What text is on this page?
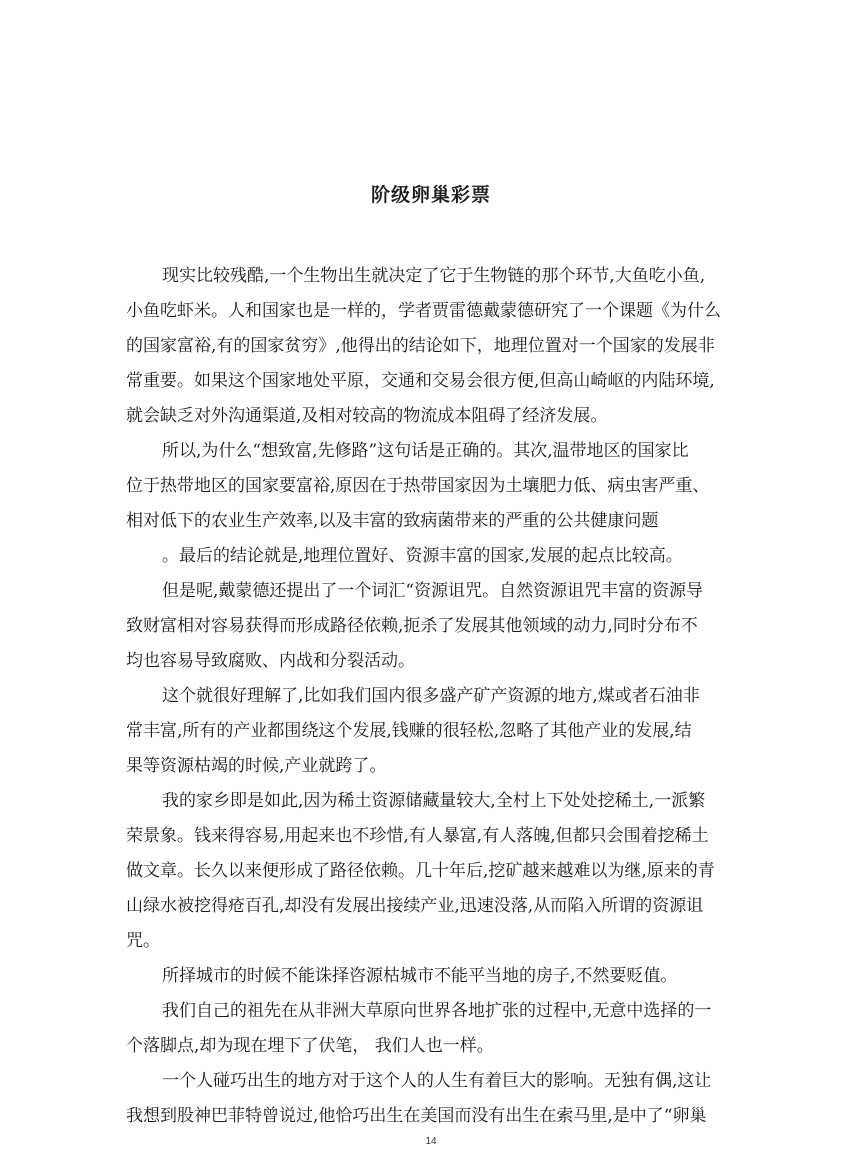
阶级卵巢彩票
现实比较残酷,一个生物出生就决定了它于生物链的那个环节,大鱼吃小鱼,
小鱼吃虾米。人和国家也是一样的，学者贾雷德戴蒙德研究了一个课题《为什么
的国家富裕,有的国家贫穷》,他得出的结论如下，地理位置对一个国家的发展非
常重要。如果这个国家地处平原，交通和交易会很方便,但高山崎岖的内陆环境,
就会缺乏对外沟通渠道,及相对较高的物流成本阻碍了经济发展。
所以,为什么“想致富,先修路”这句话是正确的。其次,温带地区的国家比
位于热带地区的国家要富裕,原因在于热带国家因为土壤肥力低、病虫害严重、
相对低下的农业生产效率,以及丰富的致病菌带来的严重的公共健康问题
。最后的结论就是,地理位置好、资源丰富的国家,发展的起点比较高。
但是呢,戴蒙德还提出了一个词汇“资源诅咒。自然资源诅咒丰富的资源导
致财富相对容易获得而形成路径依赖,扼杀了发展其他领域的动力,同时分布不
均也容易导致腐败、内战和分裂活动。
这个就很好理解了,比如我们国内很多盛产矿产资源的地方,煤或者石油非
常丰富,所有的产业都围绕这个发展,钱赚的很轻松,忽略了其他产业的发展,结
果等资源枯竭的时候,产业就跨了。
我的家乡即是如此,因为稀土资源储藏量较大,全村上下处处挖稀土,一派繁
荣景象。钱来得容易,用起来也不珍惜,有人暴富,有人落魄,但都只会围着挖稀土
做文章。长久以来便形成了路径依赖。几十年后,挖矿越来越难以为继,原来的青
山绿水被挖得疮百孔,却没有发展出接续产业,迅速没落,从而陷入所谓的资源诅
咒。
所择城市的时候不能诛择咨源枯城市不能平当地的房子,不然要贬值。
我们自己的祖先在从非洲大草原向世界各地扩张的过程中,无意中选择的一
个落脚点,却为现在埋下了伏笔， 我们人也一样。
一个人碰巧出生的地方对于这个人的人生有着巨大的影响。无独有偶,这让
我想到股神巴菲特曾说过,他恰巧出生在美国而没有出生在索马里,是中了“卵巢
14
